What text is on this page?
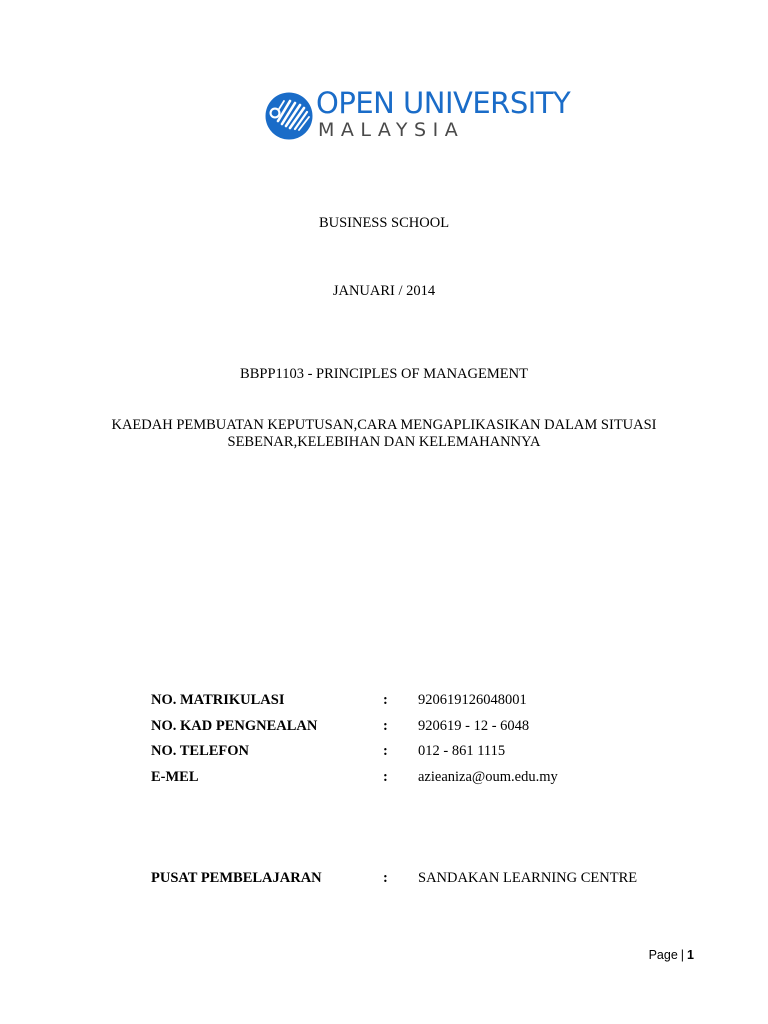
OPEN UNIVERSITY
MALAYSIA
BUSINESS SCHOOL
JANUARI / 2014
BBPP1103 - PRINCIPLES OF MANAGEMENT
KAEDAH PEMBUATAN KEPUTUSAN,CARA MENGAPLIKASIKAN DALAM SITUASI
SEBENAR,KELEBIHAN DAN KELEMAHANNYA
NO. MATRIKULASI	: 920619126048001
NO. KAD PENGNEALAN	: 920619 - 12 - 6048
NO. TELEFON	: 012 - 861 1115
E-MEL	: azieaniza@oum.edu.my
PUSAT PEMBELAJARAN	: SANDAKAN LEARNING CENTRE
Page | 1
